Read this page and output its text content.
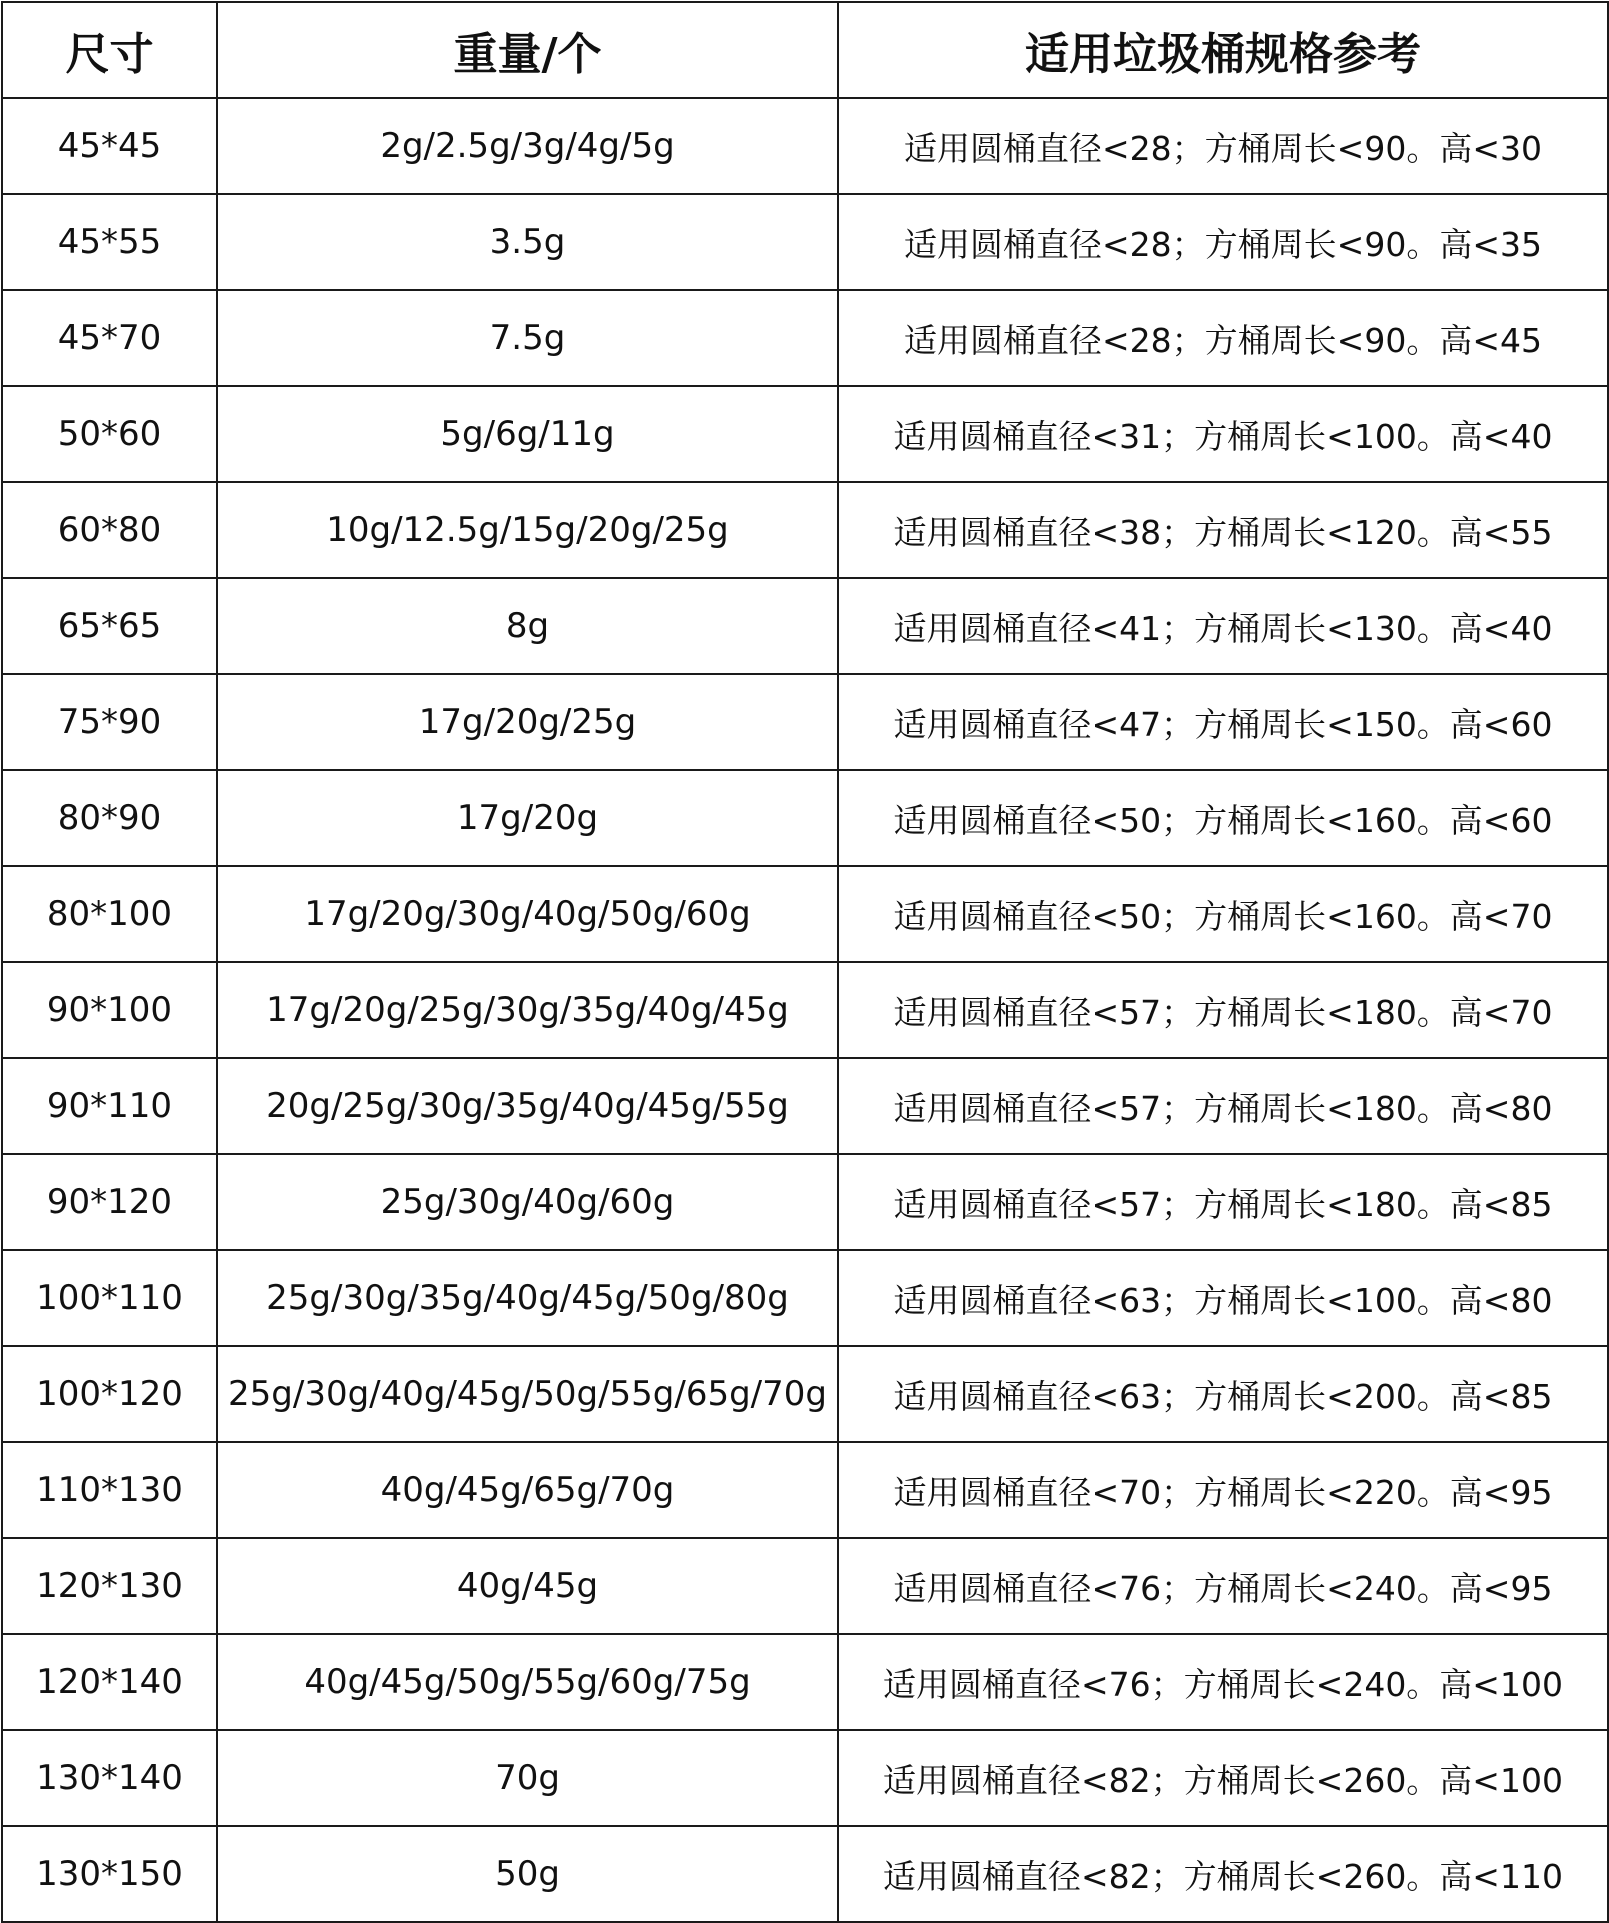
尺寸	重量/个	适用垃圾桶规格参考
45*45	2g/2.5g/3g/4g/5g	适用圆桶直径<28；方桶周长<90。高<30
45*55	3.5g	适用圆桶直径<28；方桶周长<90。高<35
45*70	7.5g	适用圆桶直径<28；方桶周长<90。高<45
50*60	5g/6g/11g	适用圆桶直径<31；方桶周长<100。高<40
60*80	10g/12.5g/15g/20g/25g	适用圆桶直径<38；方桶周长<120。高<55
65*65	8g	适用圆桶直径<41；方桶周长<130。高<40
75*90	17g/20g/25g	适用圆桶直径<47；方桶周长<150。高<60
80*90	17g/20g	适用圆桶直径<50；方桶周长<160。高<60
80*100	17g/20g/30g/40g/50g/60g	适用圆桶直径<50；方桶周长<160。高<70
90*100	17g/20g/25g/30g/35g/40g/45g	适用圆桶直径<57；方桶周长<180。高<70
90*110	20g/25g/30g/35g/40g/45g/55g	适用圆桶直径<57；方桶周长<180。高<80
90*120	25g/30g/40g/60g	适用圆桶直径<57；方桶周长<180。高<85
100*110	25g/30g/35g/40g/45g/50g/80g	适用圆桶直径<63；方桶周长<100。高<80
100*120	25g/30g/40g/45g/50g/55g/65g/70g	适用圆桶直径<63；方桶周长<200。高<85
110*130	40g/45g/65g/70g	适用圆桶直径<70；方桶周长<220。高<95
120*130	40g/45g	适用圆桶直径<76；方桶周长<240。高<95
120*140	40g/45g/50g/55g/60g/75g	适用圆桶直径<76；方桶周长<240。高<100
130*140	70g	适用圆桶直径<82；方桶周长<260。高<100
130*150	50g	适用圆桶直径<82；方桶周长<260。高<110
